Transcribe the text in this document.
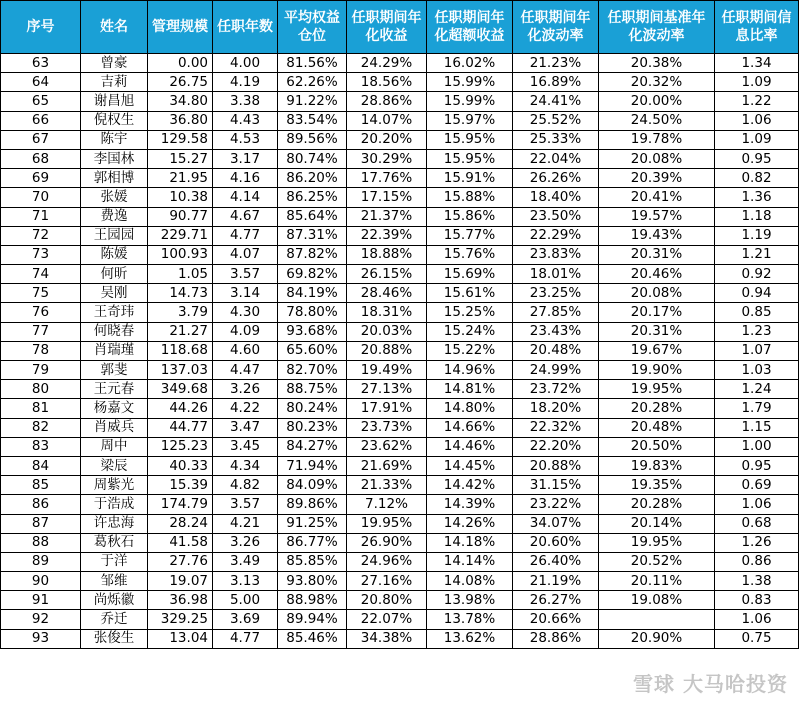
序号	姓名	管理规模	任职年数	平均权益仓位	任职期间年化收益	任职期间年化超额收益	任职期间年化波动率	任职期间基准年化波动率	任职期间信息比率
63	曾豪	0.00	4.00	81.56%	24.29%	16.02%	21.23%	20.38%	1.34
64	吉莉	26.75	4.19	62.26%	18.56%	15.99%	16.89%	20.32%	1.09
65	谢昌旭	34.80	3.38	91.22%	28.86%	15.99%	24.41%	20.00%	1.22
66	倪权生	36.80	4.43	83.54%	14.07%	15.97%	25.52%	24.50%	1.06
67	陈宇	129.58	4.53	89.56%	20.20%	15.95%	25.33%	19.78%	1.09
68	李国林	15.27	3.17	80.74%	30.29%	15.95%	22.04%	20.08%	0.95
69	郭相博	21.95	4.16	86.20%	17.76%	15.91%	26.26%	20.39%	0.82
70	张媛	10.38	4.14	86.25%	17.15%	15.88%	18.40%	20.41%	1.36
71	费逸	90.77	4.67	85.64%	21.37%	15.86%	23.50%	19.57%	1.18
72	王园园	229.71	4.77	87.31%	22.39%	15.77%	22.29%	19.43%	1.19
73	陈媛	100.93	4.07	87.82%	18.88%	15.76%	23.83%	20.31%	1.21
74	何昕	1.05	3.57	69.82%	26.15%	15.69%	18.01%	20.46%	0.92
75	吴刚	14.73	3.14	84.19%	28.46%	15.61%	23.25%	20.08%	0.94
76	王奇玮	3.79	4.30	78.80%	18.31%	15.25%	27.85%	20.17%	0.85
77	何晓春	21.27	4.09	93.68%	20.03%	15.24%	23.43%	20.31%	1.23
78	肖瑞瑾	118.68	4.60	65.60%	20.88%	15.22%	20.48%	19.67%	1.07
79	郭斐	137.03	4.47	82.70%	19.49%	14.96%	24.99%	19.90%	1.03
80	王元春	349.68	3.26	88.75%	27.13%	14.81%	23.72%	19.95%	1.24
81	杨嘉文	44.26	4.22	80.24%	17.91%	14.80%	18.20%	20.28%	1.79
82	肖威兵	44.77	3.47	80.23%	23.73%	14.66%	22.32%	20.48%	1.15
83	周中	125.23	3.45	84.27%	23.62%	14.46%	22.20%	20.50%	1.00
84	梁辰	40.33	4.34	71.94%	21.69%	14.45%	20.88%	19.83%	0.95
85	周紫光	15.39	4.82	84.09%	21.33%	14.42%	31.15%	19.35%	0.69
86	于浩成	174.79	3.57	89.86%	7.12%	14.39%	23.22%	20.28%	1.06
87	许忠海	28.24	4.21	91.25%	19.95%	14.26%	34.07%	20.14%	0.68
88	葛秋石	41.58	3.26	86.77%	26.90%	14.18%	20.60%	19.95%	1.26
89	于洋	27.76	3.49	85.85%	24.96%	14.14%	26.40%	20.52%	0.86
90	邹维	19.07	3.13	93.80%	27.16%	14.08%	21.19%	20.11%	1.38
91	尚烁徽	36.98	5.00	88.98%	20.80%	13.98%	26.27%	19.08%	0.83
92	乔迁	329.25	3.69	89.94%	22.07%	13.78%	20.66%		1.06
93	张俊生	13.04	4.77	85.46%	34.38%	13.62%	28.86%	20.90%	0.75
雪球 大马哈投资
